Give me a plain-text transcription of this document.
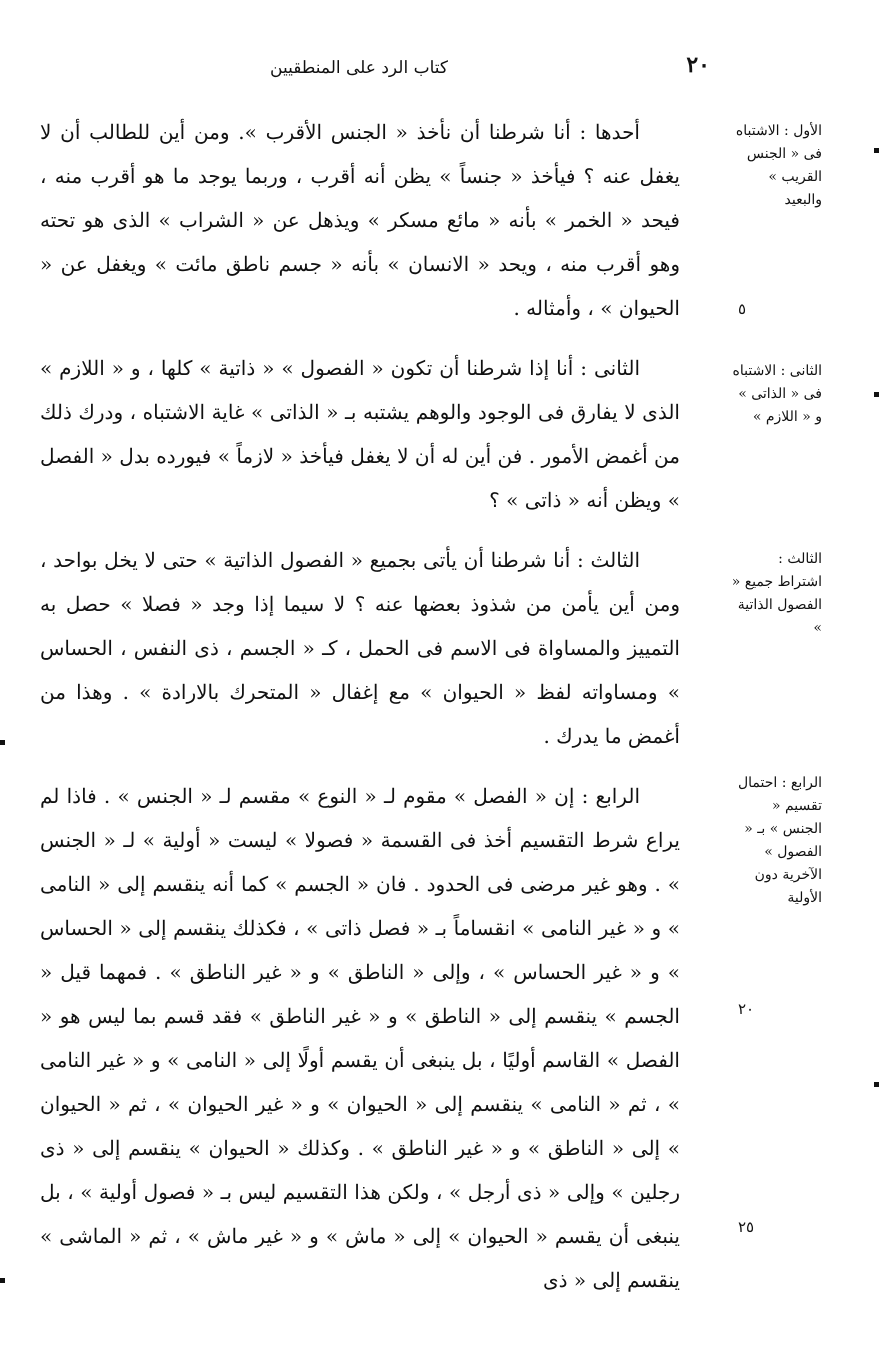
٢٠
كتاب الرد على المنطقيين

أحدها : أنا شرطنا أن نأخذ « الجنس الأقرب ». ومن أين للطالب أن لا يغفل عنه ؟ فيأخذ « جنساً » يظن أنه أقرب ، وربما يوجد ما هو أقرب منه ، فيحد « الخمر » بأنه « مائع مسكر » ويذهل عن « الشراب » الذى هو تحته وهو أقرب منه ، ويحد « الانسان » بأنه « جسم ناطق مائت » ويغفل عن « الحيوان » ، وأمثاله .

الثانى : أنا إذا شرطنا أن تكون « الفصول » « ذاتية » كلها ، و « اللازم » الذى لا يفارق فى الوجود والوهم يشتبه بـ « الذاتى » غاية الاشتباه ، ودرك ذلك من أغمض الأمور . فن أين له أن لا يغفل فيأخذ « لازماً » فيورده بدل « الفصل » ويظن أنه « ذاتى » ؟

الثالث : أنا شرطنا أن يأتى بجميع « الفصول الذاتية » حتى لا يخل بواحد ، ومن أين يأمن من شذوذ بعضها عنه ؟ لا سيما إذا وجد « فصلا » حصل به التمييز والمساواة فى الاسم فى الحمل ، كـ « الجسم ، ذى النفس ، الحساس » ومساواته لفظ « الحيوان » مع إغفال « المتحرك بالارادة » . وهذا من أغمض ما يدرك .

الرابع : إن « الفصل » مقوم لـ « النوع » مقسم لـ « الجنس » . فاذا لم يراع شرط التقسيم أخذ فى القسمة « فصولا » ليست « أولية » لـ « الجنس » . وهو غير مرضى فى الحدود . فان « الجسم » كما أنه ينقسم إلى « النامى » و « غير النامى » انقساماً بـ « فصل ذاتى » ، فكذلك ينقسم إلى « الحساس » و « غير الحساس » ، وإلى « الناطق » و « غير الناطق » . فمهما قيل « الجسم » ينقسم إلى « الناطق » و « غير الناطق » فقد قسم بما ليس هو « الفصل » القاسم أوليًا ، بل ينبغى أن يقسم أولًا إلى « النامى » و « غير النامى » ، ثم « النامى » ينقسم إلى « الحيوان » و « غير الحيوان » ، ثم « الحيوان » إلى « الناطق » و « غير الناطق » . وكذلك « الحيوان » ينقسم إلى « ذى رجلين » وإلى « ذى أرجل » ، ولكن هذا التقسيم ليس بـ « فصول أولية » ، بل ينبغى أن يقسم « الحيوان » إلى « ماش » و « غير ماش » ، ثم « الماشى » ينقسم إلى « ذى

الأول : الاشتباه فى « الجنس القريب » والبعيد
الثانى : الاشتباه فى « الذاتى » و « اللازم »
الثالث : اشتراط جميع « الفصول الذاتية »
الرابع : احتمال تقسيم « الجنس » بـ « الفصول » الآخرية دون الأولية
٥
٢٠
٢٥
